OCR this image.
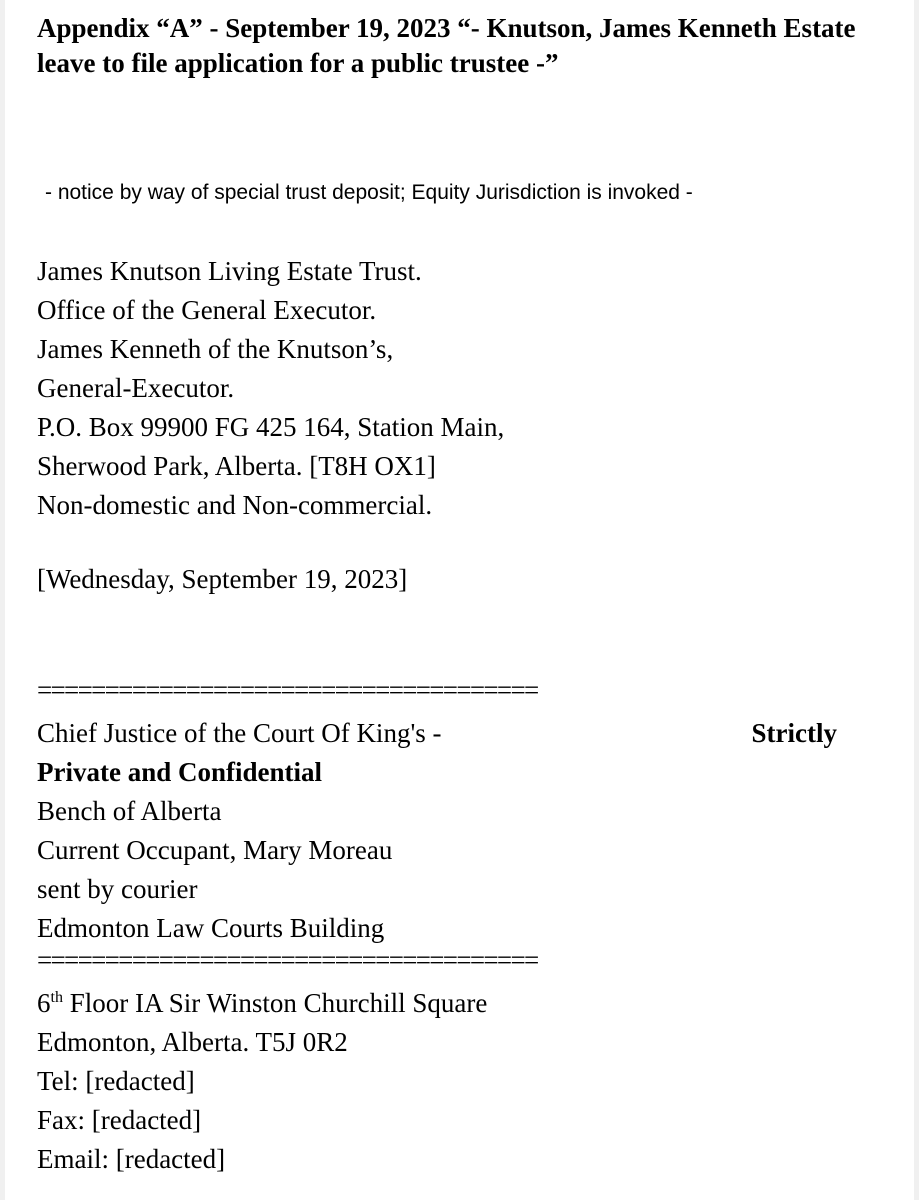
Appendix “A” - September 19, 2023 “- Knutson, James Kenneth Estate leave to file application for a public trustee -”

- notice by way of special trust deposit; Equity Jurisdiction is invoked -

James Knutson Living Estate Trust.
Office of the General Executor.
James Kenneth of the Knutson’s,
General-Executor.
P.O. Box 99900 FG 425 164, Station Main,
Sherwood Park, Alberta. [T8H OX1]
Non-domestic and Non-commercial.
[Wednesday, September 19, 2023]
=====================================
Chief Justice of the Court Of King's -	Strictly
Private and Confidential
Bench of Alberta
Current Occupant, Mary Moreau
sent by courier
Edmonton Law Courts Building
=====================================
6th Floor IA Sir Winston Churchill Square
Edmonton, Alberta. T5J 0R2
Tel: [redacted]
Fax: [redacted]
Email: [redacted]
